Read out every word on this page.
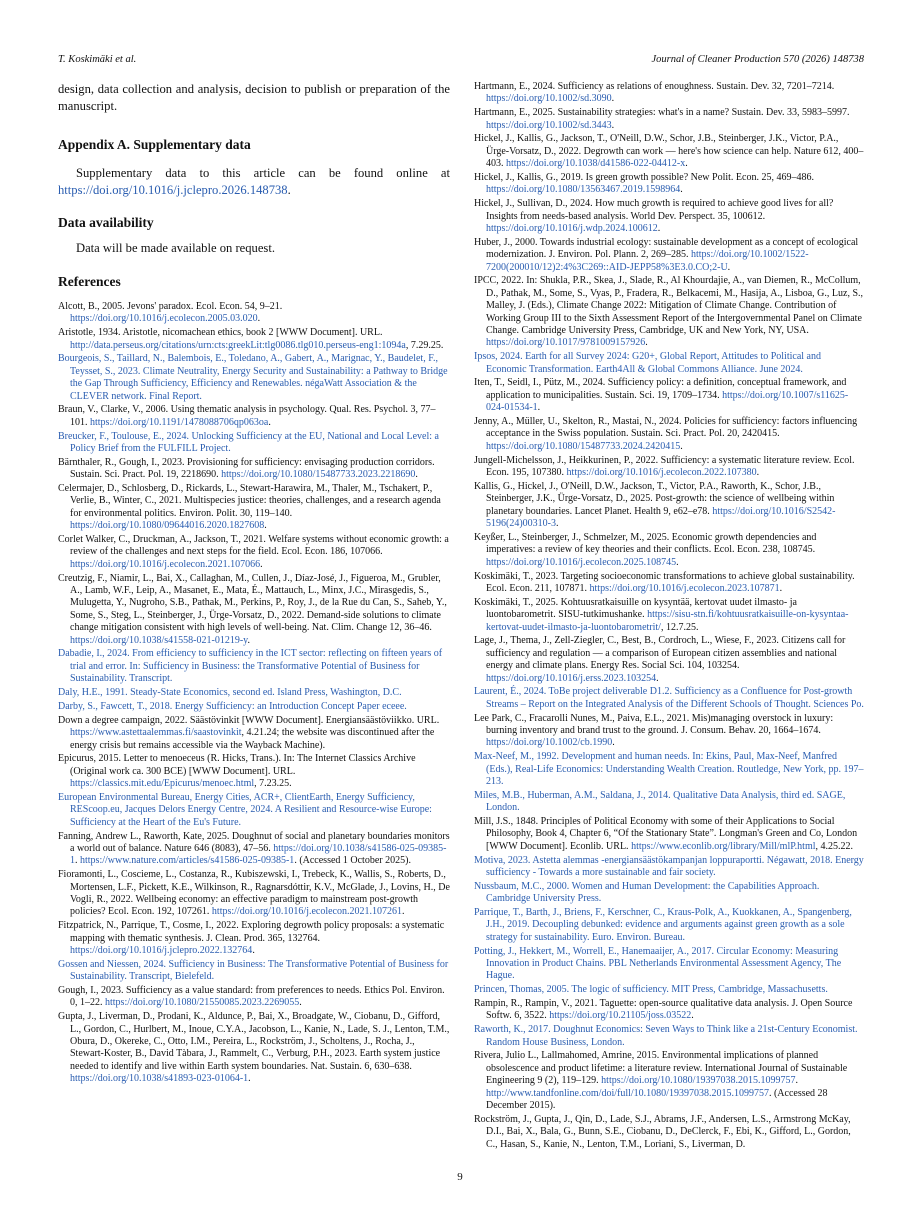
T. Koskimäki et al.	Journal of Cleaner Production 570 (2026) 148738

design, data collection and analysis, decision to publish or preparation of the manuscript.

Appendix A. Supplementary data

Supplementary data to this article can be found online at https://doi.org/10.1016/j.jclepro.2026.148738.

Data availability

Data will be made available on request.

References

Alcott, B., 2005. Jevons' paradox. Ecol. Econ. 54, 9–21. https://doi.org/10.1016/j.ecolecon.2005.03.020.

Aristotle, 1934. Aristotle, nicomachean ethics, book 2 [WWW Document]. URL. http://data.perseus.org/citations/urn:cts:greekLit:tlg0086.tlg010.perseus-eng1:1094a, 7.29.25.

Bourgeois, S., Taillard, N., Balembois, E., Toledano, A., Gabert, A., Marignac, Y., Baudelet, F., Teysset, S., 2023. Climate Neutrality, Energy Security and Sustainability: a Pathway to Bridge the Gap Through Sufficiency, Efficiency and Renewables. négaWatt Association & the CLEVER network. Final Report.

Braun, V., Clarke, V., 2006. Using thematic analysis in psychology. Qual. Res. Psychol. 3, 77–101. https://doi.org/10.1191/1478088706qp063oa.

Breucker, F., Toulouse, E., 2024. Unlocking Sufficiency at the EU, National and Local Level: a Policy Brief from the FULFILL Project.

Bärnthaler, R., Gough, I., 2023. Provisioning for sufficiency: envisaging production corridors. Sustain. Sci. Pract. Pol. 19, 2218690. https://doi.org/10.1080/15487733.2023.2218690.

Celermajer, D., Schlosberg, D., Rickards, L., Stewart-Harawira, M., Thaler, M., Tschakert, P., Verlie, B., Winter, C., 2021. Multispecies justice: theories, challenges, and a research agenda for environmental politics. Environ. Polit. 30, 119–140. https://doi.org/10.1080/09644016.2020.1827608.

Corlet Walker, C., Druckman, A., Jackson, T., 2021. Welfare systems without economic growth: a review of the challenges and next steps for the field. Ecol. Econ. 186, 107066. https://doi.org/10.1016/j.ecolecon.2021.107066.

Creutzig, F., Niamir, L., Bai, X., Callaghan, M., Cullen, J., Díaz-José, J., Figueroa, M., Grubler, A., Lamb, W.F., Leip, A., Masanet, E., Mata, É., Mattauch, L., Minx, J.C., Mirasgedis, S., Mulugetta, Y., Nugroho, S.B., Pathak, M., Perkins, P., Roy, J., de la Rue du Can, S., Saheb, Y., Some, S., Steg, L., Steinberger, J., Ürge-Vorsatz, D., 2022. Demand-side solutions to climate change mitigation consistent with high levels of well-being. Nat. Clim. Change 12, 36–46. https://doi.org/10.1038/s41558-021-01219-y.

Dabadie, I., 2024. From efficiency to sufficiency in the ICT sector: reflecting on fifteen years of trial and error. In: Sufficiency in Business: the Transformative Potential of Business for Sustainability. Transcript.

Daly, H.E., 1991. Steady-State Economics, second ed. Island Press, Washington, D.C.

Darby, S., Fawcett, T., 2018. Energy Sufficiency: an Introduction Concept Paper eceee.

Down a degree campaign, 2022. Säästövinkit [WWW Document]. Energiansäästöviikko. URL. https://www.astettaalemmas.fi/saastovinkit, 4.21.24; the website was discontinued after the energy crisis but remains accessible via the Wayback Machine).

Epicurus, 2015. Letter to menoeceus (R. Hicks, Trans.). In: The Internet Classics Archive (Original work ca. 300 BCE) [WWW Document]. URL. https://classics.mit.edu/Epicurus/menoec.html, 7.23.25.

European Environmental Bureau, Energy Cities, ACR+, ClientEarth, Energy Sufficiency, REScoop.eu, Jacques Delors Energy Centre, 2024. A Resilient and Resource-wise Europe: Sufficiency at the Heart of the Eu's Future.

Fanning, Andrew L., Raworth, Kate, 2025. Doughnut of social and planetary boundaries monitors a world out of balance. Nature 646 (8083), 47–56. https://doi.org/10.1038/s41586-025-09385-1. https://www.nature.com/articles/s41586-025-09385-1. (Accessed 1 October 2025).

Fioramonti, L., Coscieme, L., Costanza, R., Kubiszewski, I., Trebeck, K., Wallis, S., Roberts, D., Mortensen, L.F., Pickett, K.E., Wilkinson, R., Ragnarsdóttir, K.V., McGlade, J., Lovins, H., De Vogli, R., 2022. Wellbeing economy: an effective paradigm to mainstream post-growth policies? Ecol. Econ. 192, 107261. https://doi.org/10.1016/j.ecolecon.2021.107261.

Fitzpatrick, N., Parrique, T., Cosme, I., 2022. Exploring degrowth policy proposals: a systematic mapping with thematic synthesis. J. Clean. Prod. 365, 132764. https://doi.org/10.1016/j.jclepro.2022.132764.

Gossen and Niessen, 2024. Sufficiency in Business: The Transformative Potential of Business for Sustainability. Transcript, Bielefeld.

Gough, I., 2023. Sufficiency as a value standard: from preferences to needs. Ethics Pol. Environ. 0, 1–22. https://doi.org/10.1080/21550085.2023.2269055.

Gupta, J., Liverman, D., Prodani, K., Aldunce, P., Bai, X., Broadgate, W., Ciobanu, D., Gifford, L., Gordon, C., Hurlbert, M., Inoue, C.Y.A., Jacobson, L., Kanie, N., Lade, S. J., Lenton, T.M., Obura, D., Okereke, C., Otto, I.M., Pereira, L., Rockström, J., Scholtens, J., Rocha, J., Stewart-Koster, B., David Tàbara, J., Rammelt, C., Verburg, P.H., 2023. Earth system justice needed to identify and live within Earth system boundaries. Nat. Sustain. 6, 630–638. https://doi.org/10.1038/s41893-023-01064-1.

Hartmann, E., 2024. Sufficiency as relations of enoughness. Sustain. Dev. 32, 7201–7214. https://doi.org/10.1002/sd.3090.

Hartmann, E., 2025. Sustainability strategies: what's in a name? Sustain. Dev. 33, 5983–5997. https://doi.org/10.1002/sd.3443.

Hickel, J., Kallis, G., Jackson, T., O'Neill, D.W., Schor, J.B., Steinberger, J.K., Victor, P.A., Ürge-Vorsatz, D., 2022. Degrowth can work — here's how science can help. Nature 612, 400–403. https://doi.org/10.1038/d41586-022-04412-x.

Hickel, J., Kallis, G., 2019. Is green growth possible? New Polit. Econ. 25, 469–486. https://doi.org/10.1080/13563467.2019.1598964.

Hickel, J., Sullivan, D., 2024. How much growth is required to achieve good lives for all? Insights from needs-based analysis. World Dev. Perspect. 35, 100612. https://doi.org/10.1016/j.wdp.2024.100612.

Huber, J., 2000. Towards industrial ecology: sustainable development as a concept of ecological modernization. J. Environ. Pol. Plann. 2, 269–285. https://doi.org/10.1002/1522-7200(200010/12)2:4%3C269::AID-JEPP58%3E3.0.CO;2-U.

IPCC, 2022. In: Shukla, P.R., Skea, J., Slade, R., Al Khourdajie, A., van Diemen, R., McCollum, D., Pathak, M., Some, S., Vyas, P., Fradera, R., Belkacemi, M., Hasija, A., Lisboa, G., Luz, S., Malley, J. (Eds.), Climate Change 2022: Mitigation of Climate Change. Contribution of Working Group III to the Sixth Assessment Report of the Intergovernmental Panel on Climate Change. Cambridge University Press, Cambridge, UK and New York, NY, USA. https://doi.org/10.1017/9781009157926.

Ipsos, 2024. Earth for all Survey 2024: G20+, Global Report, Attitudes to Political and Economic Transformation. Earth4All & Global Commons Alliance. June 2024.

Iten, T., Seidl, I., Pütz, M., 2024. Sufficiency policy: a definition, conceptual framework, and application to municipalities. Sustain. Sci. 19, 1709–1734. https://doi.org/10.1007/s11625-024-01534-1.

Jenny, A., Müller, U., Skelton, R., Mastai, N., 2024. Policies for sufficiency: factors influencing acceptance in the Swiss population. Sustain. Sci. Pract. Pol. 20, 2420415. https://doi.org/10.1080/15487733.2024.2420415.

Jungell-Michelsson, J., Heikkurinen, P., 2022. Sufficiency: a systematic literature review. Ecol. Econ. 195, 107380. https://doi.org/10.1016/j.ecolecon.2022.107380.

Kallis, G., Hickel, J., O'Neill, D.W., Jackson, T., Victor, P.A., Raworth, K., Schor, J.B., Steinberger, J.K., Ürge-Vorsatz, D., 2025. Post-growth: the science of wellbeing within planetary boundaries. Lancet Planet. Health 9, e62–e78. https://doi.org/10.1016/S2542-5196(24)00310-3.

Keyßer, L., Steinberger, J., Schmelzer, M., 2025. Economic growth dependencies and imperatives: a review of key theories and their conflicts. Ecol. Econ. 238, 108745. https://doi.org/10.1016/j.ecolecon.2025.108745.

Koskimäki, T., 2023. Targeting socioeconomic transformations to achieve global sustainability. Ecol. Econ. 211, 107871. https://doi.org/10.1016/j.ecolecon.2023.107871.

Koskimäki, T., 2025. Kohtuusratkaisuille on kysyntää, kertovat uudet ilmasto- ja luontobarometrit. SISU-tutkimushanke. https://sisu-stn.fi/kohtuusratkaisuille-on-kysyntaa-kertovat-uudet-ilmasto-ja-luontobarometrit/, 12.7.25.

Lage, J., Thema, J., Zell-Ziegler, C., Best, B., Cordroch, L., Wiese, F., 2023. Citizens call for sufficiency and regulation — a comparison of European citizen assemblies and national energy and climate plans. Energy Res. Social Sci. 104, 103254. https://doi.org/10.1016/j.erss.2023.103254.

Laurent, É., 2024. ToBe project deliverable D1.2. Sufficiency as a Confluence for Post-growth Streams – Report on the Integrated Analysis of the Different Schools of Thought. Sciences Po.

Lee Park, C., Fracarolli Nunes, M., Paiva, E.L., 2021. Mis)managing overstock in luxury: burning inventory and brand trust to the ground. J. Consum. Behav. 20, 1664–1674. https://doi.org/10.1002/cb.1990.

Max-Neef, M., 1992. Development and human needs. In: Ekins, Paul, Max-Neef, Manfred (Eds.), Real-Life Economics: Understanding Wealth Creation. Routledge, New York, pp. 197–213.

Miles, M.B., Huberman, A.M., Saldana, J., 2014. Qualitative Data Analysis, third ed. SAGE, London.

Mill, J.S., 1848. Principles of Political Economy with some of their Applications to Social Philosophy, Book 4, Chapter 6, “Of the Stationary State”. Longman's Green and Co, London [WWW Document]. Econlib. URL. https://www.econlib.org/library/Mill/mlP.html, 4.25.22.

Motiva, 2023. Astetta alemmas -energiansäästökampanjan loppuraportti. Négawatt, 2018. Energy sufficiency - Towards a more sustainable and fair society.

Nussbaum, M.C., 2000. Women and Human Development: the Capabilities Approach. Cambridge University Press.

Parrique, T., Barth, J., Briens, F., Kerschner, C., Kraus-Polk, A., Kuokkanen, A., Spangenberg, J.H., 2019. Decoupling debunked: evidence and arguments against green growth as a sole strategy for sustainability. Euro. Environ. Bureau.

Potting, J., Hekkert, M., Worrell, E., Hanemaaijer, A., 2017. Circular Economy: Measuring Innovation in Product Chains. PBL Netherlands Environmental Assessment Agency, The Hague.

Princen, Thomas, 2005. The logic of sufficiency. MIT Press, Cambridge, Massachusetts.

Rampin, R., Rampin, V., 2021. Taguette: open-source qualitative data analysis. J. Open Source Softw. 6, 3522. https://doi.org/10.21105/joss.03522.

Raworth, K., 2017. Doughnut Economics: Seven Ways to Think like a 21st-Century Economist. Random House Business, London.

Rivera, Julio L., Lallmahomed, Amrine, 2015. Environmental implications of planned obsolescence and product lifetime: a literature review. International Journal of Sustainable Engineering 9 (2), 119–129. https://doi.org/10.1080/19397038.2015.1099757. http://www.tandfonline.com/doi/full/10.1080/19397038.2015.1099757. (Accessed 28 December 2015).

Rockström, J., Gupta, J., Qin, D., Lade, S.J., Abrams, J.F., Andersen, L.S., Armstrong McKay, D.I., Bai, X., Bala, G., Bunn, S.E., Ciobanu, D., DeClerck, F., Ebi, K., Gifford, L., Gordon, C., Hasan, S., Kanie, N., Lenton, T.M., Loriani, S., Liverman, D.

9
